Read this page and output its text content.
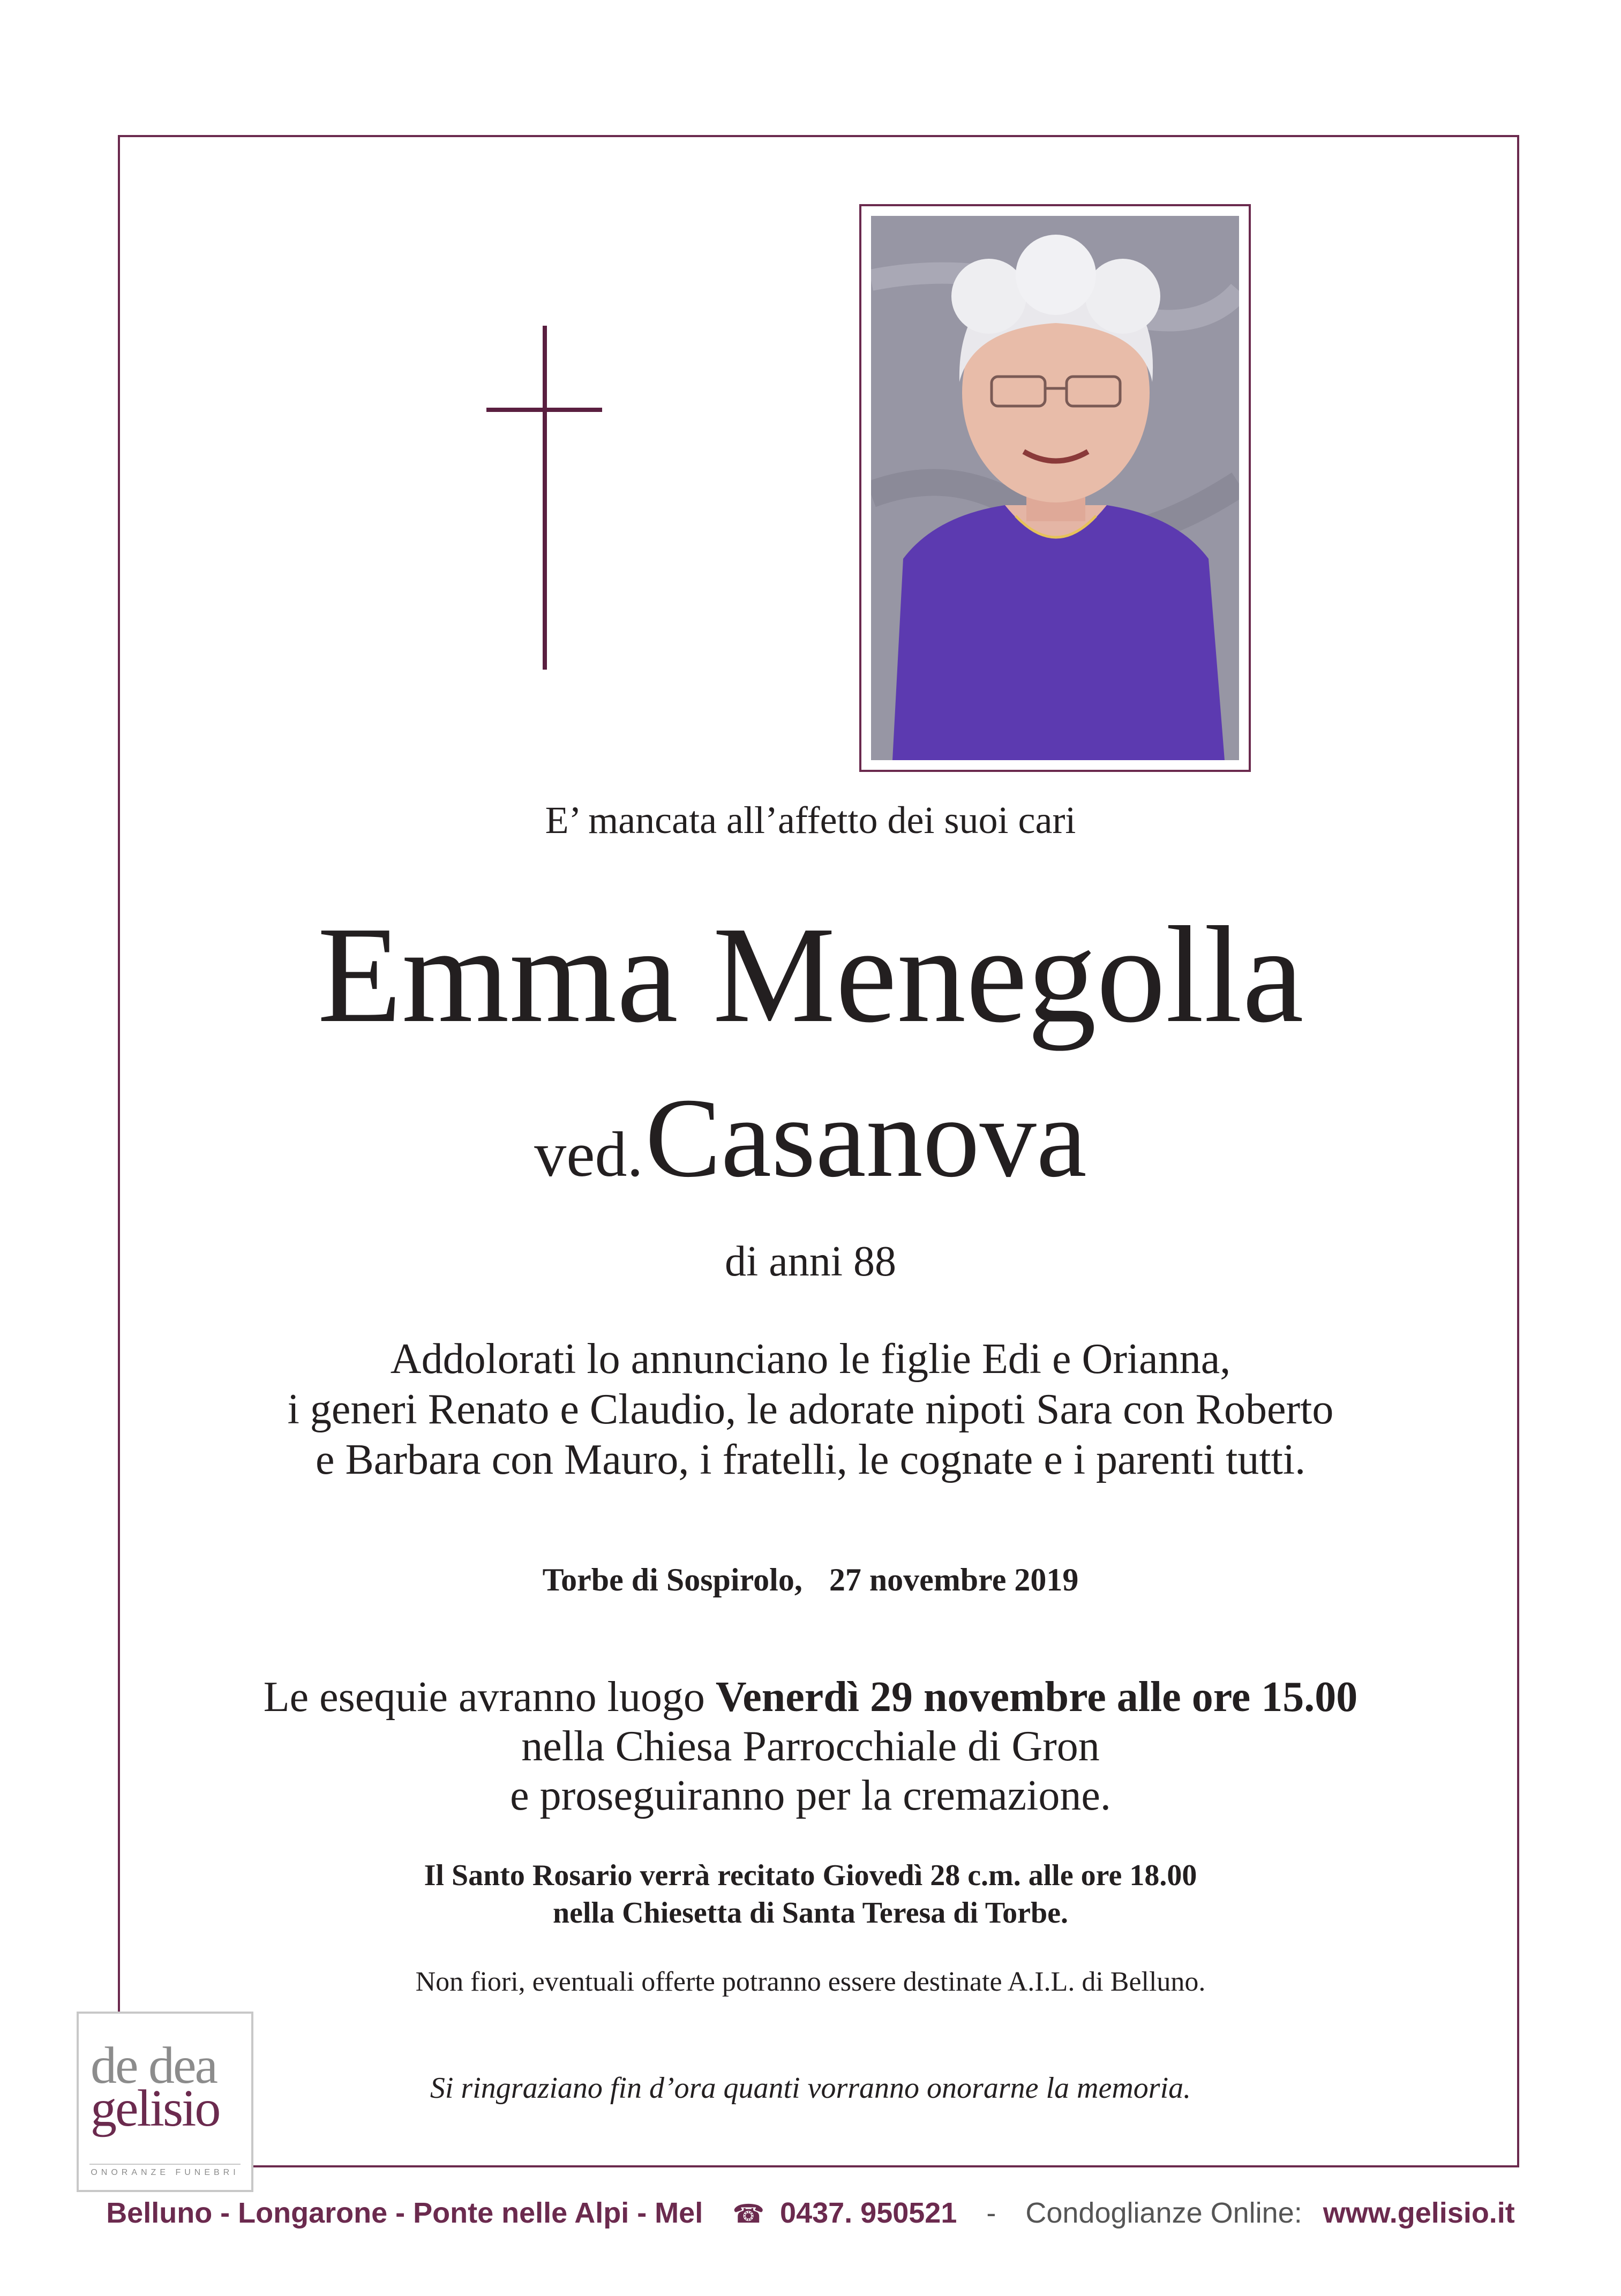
E’ mancata all’affetto dei suoi cari
Emma Menegolla
ved. Casanova
di anni 88
Addolorati lo annunciano le figlie Edi e Orianna,
i generi Renato e Claudio, le adorate nipoti Sara con Roberto
e Barbara con Mauro, i fratelli, le cognate e i parenti tutti.
Torbe di Sospirolo, 27 novembre 2019
Le esequie avranno luogo Venerdì 29 novembre alle ore 15.00
nella Chiesa Parrocchiale di Gron
e proseguiranno per la cremazione.
Il Santo Rosario verrà recitato Giovedì 28 c.m. alle ore 18.00
nella Chiesetta di Santa Teresa di Torbe.
Non fiori, eventuali offerte potranno essere destinate A.I.L. di Belluno.
Si ringraziano fin d’ora quanti vorranno onorarne la memoria.
de dea
gelisio
ONORANZE FUNEBRI
Belluno - Longarone - Ponte nelle Alpi - Mel ☎ 0437. 950521 - Condoglianze Online: www.gelisio.it
